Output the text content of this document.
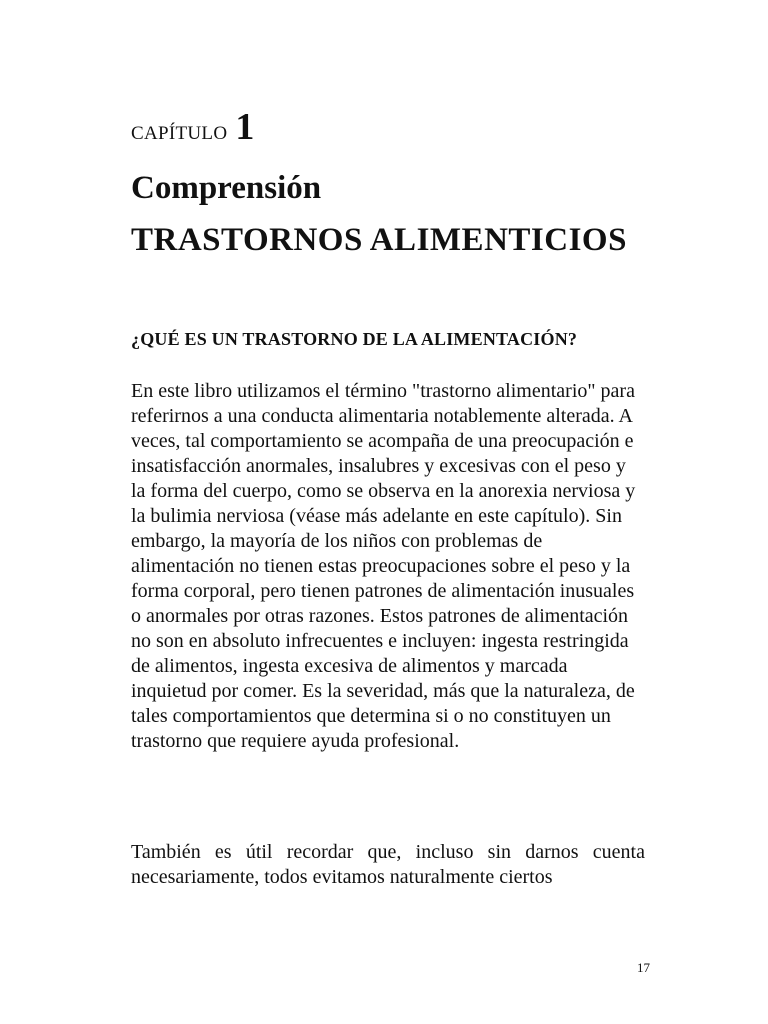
CAPÍTULO 1
Comprensión
TRASTORNOS ALIMENTICIOS
¿QUÉ ES UN TRASTORNO DE LA ALIMENTACIÓN?
En este libro utilizamos el término "trastorno alimentario" para referirnos a una conducta alimentaria notablemente alterada. A veces, tal comportamiento se acompaña de una preocupación e insatisfacción anormales, insalubres y excesivas con el peso y la forma del cuerpo, como se observa en la anorexia nerviosa y la bulimia nerviosa (véase más adelante en este capítulo). Sin embargo, la mayoría de los niños con problemas de alimentación no tienen estas preocupaciones sobre el peso y la forma corporal, pero tienen patrones de alimentación inusuales o anormales por otras razones. Estos patrones de alimentación no son en absoluto infrecuentes e incluyen: ingesta restringida de alimentos, ingesta excesiva de alimentos y marcada inquietud por comer. Es la severidad, más que la naturaleza, de tales comportamientos que determina si o no constituyen un trastorno que requiere ayuda profesional.
También es útil recordar que, incluso sin darnos cuenta necesariamente, todos evitamos naturalmente ciertos
17
